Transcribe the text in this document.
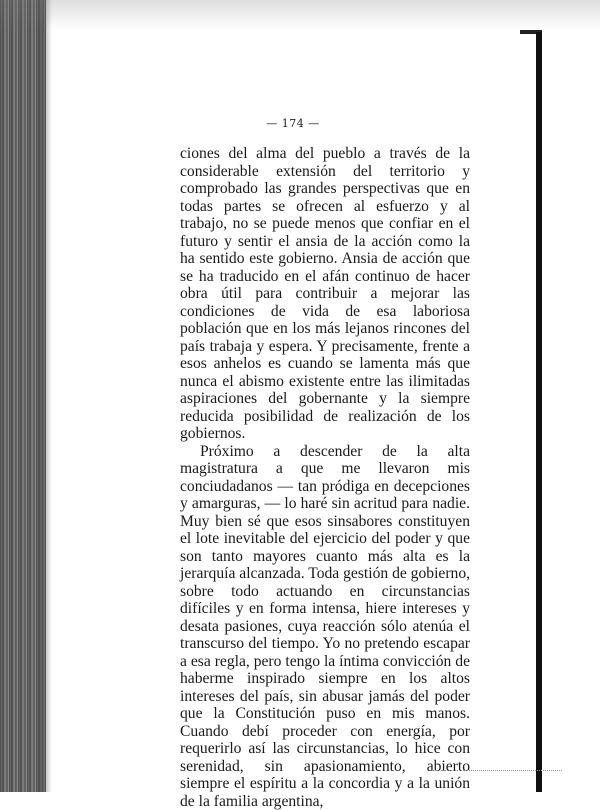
— 174 —

ciones del alma del pueblo a través de la considerable extensión del territorio y comprobado las grandes perspectivas que en todas partes se ofrecen al esfuerzo y al trabajo, no se puede menos que confiar en el futuro y sentir el ansia de la acción como la ha sentido este gobierno. Ansia de acción que se ha traducido en el afán continuo de hacer obra útil para contribuir a mejorar las condiciones de vida de esa laboriosa población que en los más lejanos rincones del país trabaja y espera. Y precisamente, frente a esos anhelos es cuando se lamenta más que nunca el abismo existente entre las ilimitadas aspiraciones del gobernante y la siempre reducida posibilidad de realización de los gobiernos.

Próximo a descender de la alta magistratura a que me llevaron mis conciudadanos — tan pródiga en decepciones y amarguras, — lo haré sin acritud para nadie. Muy bien sé que esos sinsabores constituyen el lote inevitable del ejercicio del poder y que son tanto mayores cuanto más alta es la jerarquía alcanzada. Toda gestión de gobierno, sobre todo actuando en circunstancias difíciles y en forma intensa, hiere intereses y desata pasiones, cuya reacción sólo atenúa el transcurso del tiempo. Yo no pretendo escapar a esa regla, pero tengo la íntima convicción de haberme inspirado siempre en los altos intereses del país, sin abusar jamás del poder que la Constitución puso en mis manos. Cuando debí proceder con energía, por requerirlo así las circunstancias, lo hice con serenidad, sin apasionamiento, abierto siempre el espíritu a la concordia y a la unión de la familia argentina,
